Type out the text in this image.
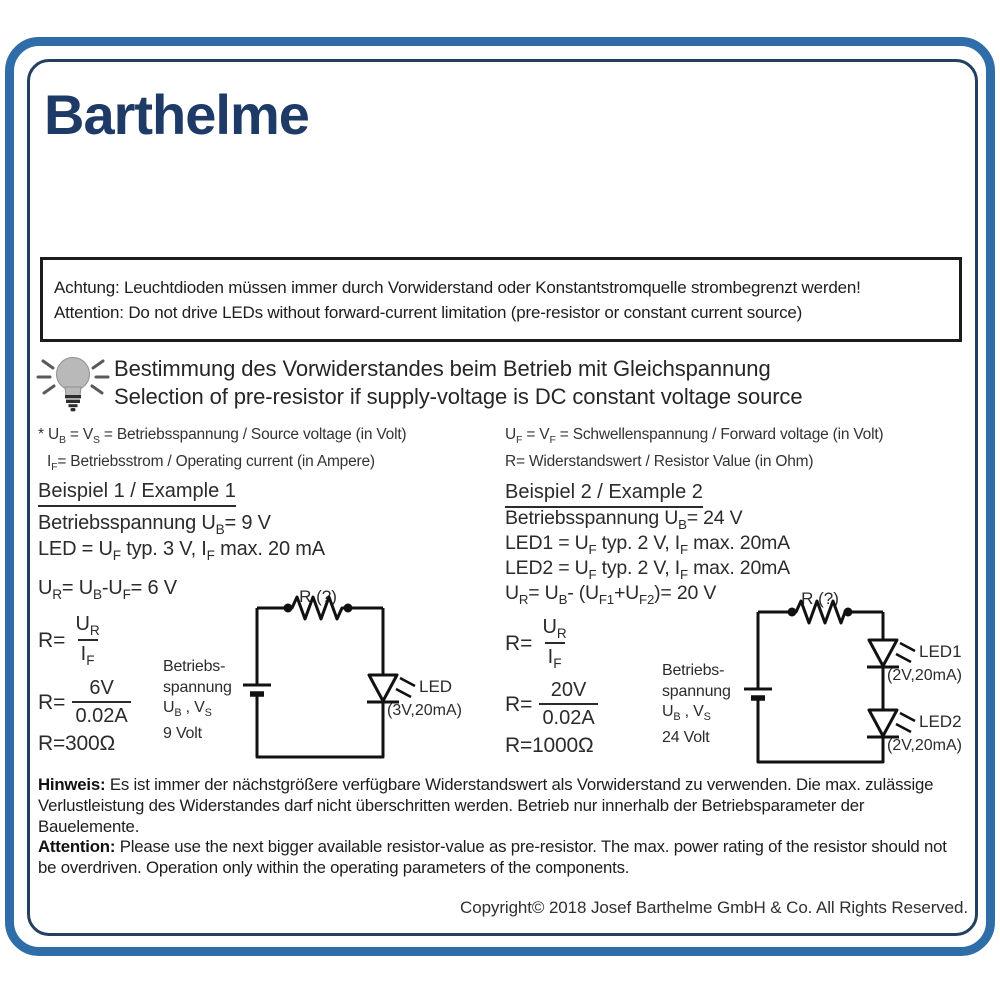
Barthelme
Achtung: Leuchtdioden müssen immer durch Vorwiderstand oder Konstantstromquelle strombegrenzt werden!
Attention: Do not drive LEDs without forward-current limitation (pre-resistor or constant current source)
Bestimmung des Vorwiderstandes beim Betrieb mit Gleichspannung
Selection of pre-resistor if supply-voltage is DC constant voltage source
* $U_B = V_S$ = Betriebsspannung / Source voltage (in Volt)
$I_F=$ Betriebsstrom / Operating current (in Ampere)
$U_F = V_F$ = Schwellenspannung / Forward voltage (in Volt)
R= Widerstandswert / Resistor Value (in Ohm)
Beispiel 1 / Example 1
Betriebsspannung $U_B= 9$ V
LED = $U_F$ typ. 3 V, $I_F$ max. 20 mA
$U_R= U_B-U_F= 6$ V
$R= \frac{U_R}{I_F}$
$R= \frac{6V}{0.02A}$
R=300Ω
Betriebs-
spannung
$U_B$ , $V_S$
9 Volt
R (?)
LED
(3V,20mA)
Beispiel 2 / Example 2
Betriebsspannung $U_B= 24$ V
$LED1 = U_F$ typ. 2 V, $I_F$ max. 20mA
$LED2 = U_F$ typ. 2 V, $I_F$ max. 20mA
$U_R= U_B-$ $(U_{F1}+U_{F2})= 20$ V
$R= \frac{U_R}{I_F}$
$R= \frac{20V}{0.02A}$
R=1000Ω
Betriebs-
spannung
$U_B$ , $V_S$
24 Volt
R (?)
LED1
(2V,20mA)
LED2
(2V,20mA)
Hinweis: Es ist immer der nächstgrößere verfügbare Widerstandswert als Vorwiderstand zu verwenden. Die max. zulässige Verlustleistung des Widerstandes darf nicht überschritten werden. Betrieb nur innerhalb der Betriebsparameter der Bauelemente.
Attention: Please use the next bigger available resistor-value as pre-resistor. The max. power rating of the resistor should not be overdriven. Operation only within the operating parameters of the components.
Copyright© 2018 Josef Barthelme GmbH & Co. All Rights Reserved.
